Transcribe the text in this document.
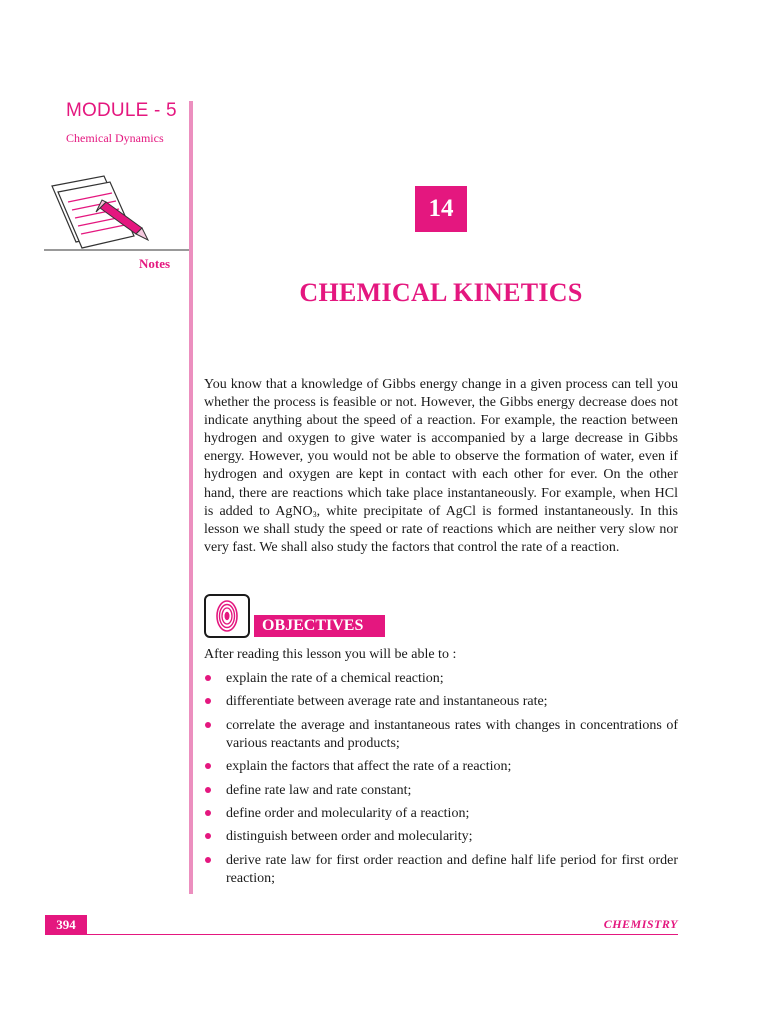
MODULE - 5
Chemical Dynamics
Notes
14
CHEMICAL KINETICS

You know that a knowledge of Gibbs energy change in a given process can tell you whether the process is feasible or not. However, the Gibbs energy decrease does not indicate anything about the speed of a reaction. For example, the reaction between hydrogen and oxygen to give water is accompanied by a large decrease in Gibbs energy. However, you would not be able to observe the formation of water, even if hydrogen and oxygen are kept in contact with each other for ever. On the other hand, there are reactions which take place instantaneously. For example, when HCl is added to AgNO$_3$, white precipitate of AgCl is formed instantaneously. In this lesson we shall study the speed or rate of reactions which are neither very slow nor very fast. We shall also study the factors that control the rate of a reaction.

OBJECTIVES
After reading this lesson you will be able to :
explain the rate of a chemical reaction;
differentiate between average rate and instantaneous rate;
correlate the average and instantaneous rates with changes in concentrations of various reactants and products;
explain the factors that affect the rate of a reaction;
define rate law and rate constant;
define order and molecularity of a reaction;
distinguish between order and molecularity;
derive rate law for first order reaction and define half life period for first order reaction;
394	CHEMISTRY
